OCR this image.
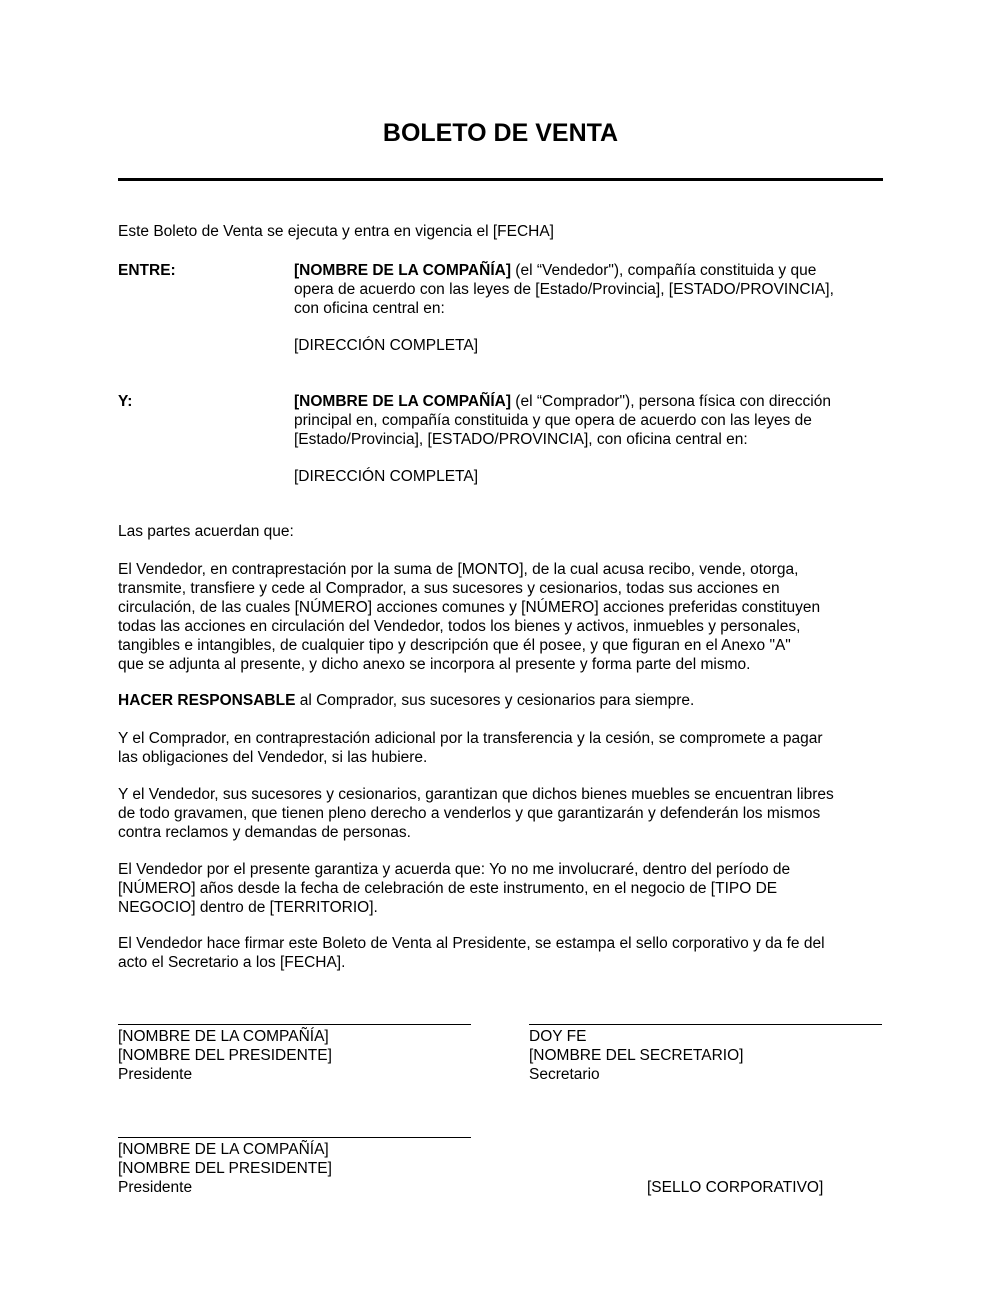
BOLETO DE VENTA

Este Boleto de Venta se ejecuta y entra en vigencia el [FECHA]

ENTRE:	[NOMBRE DE LA COMPAÑÍA] (el “Vendedor"), compañía constituida y que
opera de acuerdo con las leyes de [Estado/Provincia], [ESTADO/PROVINCIA],
con oficina central en:
[DIRECCIÓN COMPLETA]
Y:	[NOMBRE DE LA COMPAÑÍA] (el “Comprador"), persona física con dirección
principal en, compañía constituida y que opera de acuerdo con las leyes de
[Estado/Provincia], [ESTADO/PROVINCIA], con oficina central en:
[DIRECCIÓN COMPLETA]

Las partes acuerdan que:

El Vendedor, en contraprestación por la suma de [MONTO], de la cual acusa recibo, vende, otorga,
transmite, transfiere y cede al Comprador, a sus sucesores y cesionarios, todas sus acciones en
circulación, de las cuales [NÚMERO] acciones comunes y [NÚMERO] acciones preferidas constituyen
todas las acciones en circulación del Vendedor, todos los bienes y activos, inmuebles y personales,
tangibles e intangibles, de cualquier tipo y descripción que él posee, y que figuran en el Anexo "A"
que se adjunta al presente, y dicho anexo se incorpora al presente y forma parte del mismo.

HACER RESPONSABLE al Comprador, sus sucesores y cesionarios para siempre.

Y el Comprador, en contraprestación adicional por la transferencia y la cesión, se compromete a pagar
las obligaciones del Vendedor, si las hubiere.

Y el Vendedor, sus sucesores y cesionarios, garantizan que dichos bienes muebles se encuentran libres
de todo gravamen, que tienen pleno derecho a venderlos y que garantizarán y defenderán los mismos
contra reclamos y demandas de personas.

El Vendedor por el presente garantiza y acuerda que: Yo no me involucraré, dentro del período de
[NÚMERO] años desde la fecha de celebración de este instrumento, en el negocio de [TIPO DE
NEGOCIO] dentro de [TERRITORIO].

El Vendedor hace firmar este Boleto de Venta al Presidente, se estampa el sello corporativo y da fe del
acto el Secretario a los [FECHA].

[NOMBRE DE LA COMPAÑÍA]
[NOMBRE DEL PRESIDENTE]
Presidente
DOY FE
[NOMBRE DEL SECRETARIO]
Secretario
[NOMBRE DE LA COMPAÑÍA]
[NOMBRE DEL PRESIDENTE]
Presidente	[SELLO CORPORATIVO]
